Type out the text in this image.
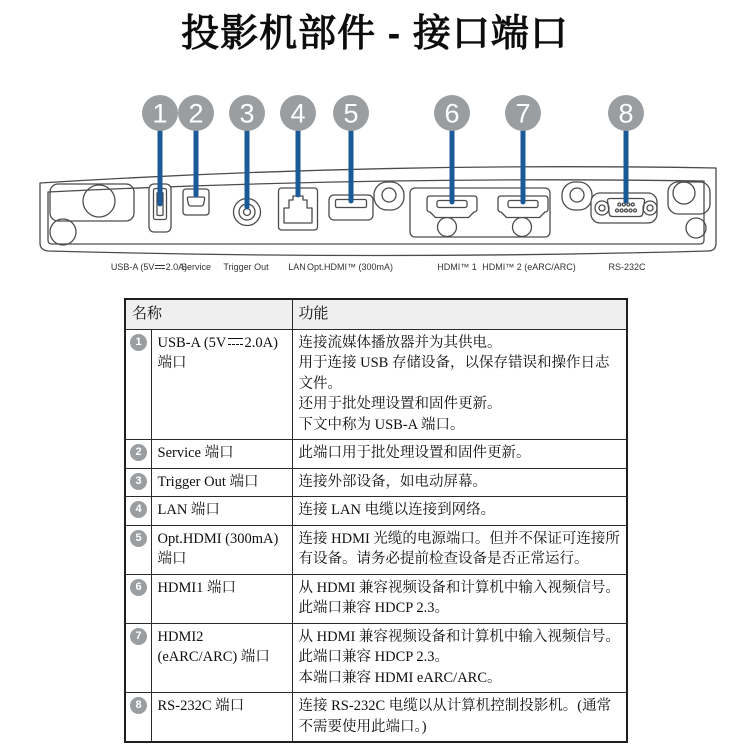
投影机部件 - 接口端口
1 2 3 4 5	6 7	8
USB-A (5V 2.0A)
Service Trigger Out LAN Opt.HDMI™ (300mA)	HDMI™ 1 HDMI™ 2 (eARC/ARC)	RS-232C
名称		功能

1	USB-A (5V 2.0A) 端口	连接流媒体播放器并为其供电。

用于连接 USB 存储设备，以保存错误和操作日志文件。

还用于批处理设置和固件更新。

下文中称为 USB-A 端口。

2	Service 端口	此端口用于批处理设置和固件更新。

3	Trigger Out 端口	连接外部设备，如电动屏幕。

4	LAN 端口	连接 LAN 电缆以连接到网络。

5	Opt.HDMI (300mA) 端口	连接 HDMI 光缆的电源端口。但并不保证可连接所有设备。请务必提前检查设备是否正常运行。

6	HDMI1 端口	从 HDMI 兼容视频设备和计算机中输入视频信号。

此端口兼容 HDCP 2.3。

7	HDMI2 (eARC/ARC) 端口	从 HDMI 兼容视频设备和计算机中输入视频信号。

此端口兼容 HDCP 2.3。

本端口兼容 HDMI eARC/ARC。

8	RS-232C 端口	连接 RS-232C 电缆以从计算机控制投影机。(通常不需要使用此端口。)
